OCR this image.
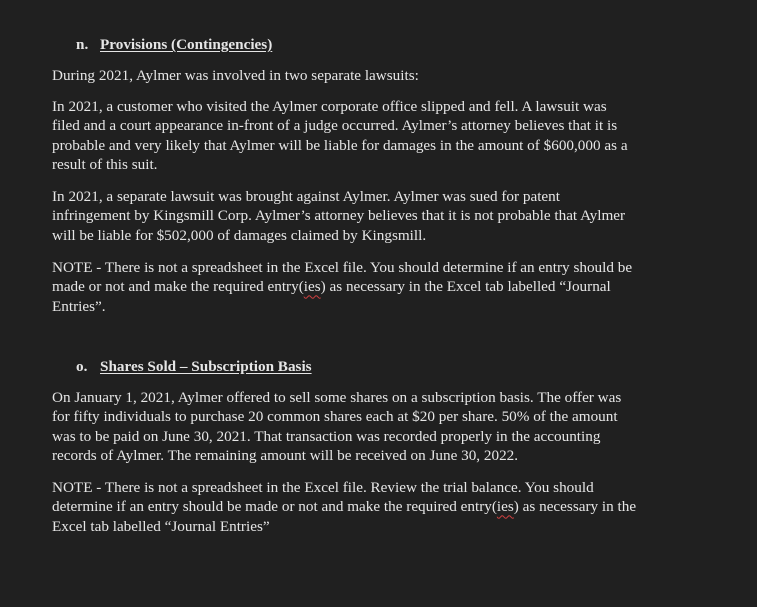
n. Provisions (Contingencies)

During 2021, Aylmer was involved in two separate lawsuits:

In 2021, a customer who visited the Aylmer corporate office slipped and fell. A lawsuit was
filed and a court appearance in-front of a judge occurred. Aylmer’s attorney believes that it is
probable and very likely that Aylmer will be liable for damages in the amount of $600,000 as a
result of this suit.

In 2021, a separate lawsuit was brought against Aylmer. Aylmer was sued for patent
infringement by Kingsmill Corp. Aylmer’s attorney believes that it is not probable that Aylmer
will be liable for $502,000 of damages claimed by Kingsmill.

NOTE - There is not a spreadsheet in the Excel file. You should determine if an entry should be
made or not and make the required entry(ies) as necessary in the Excel tab labelled “Journal
Entries”.

o. Shares Sold – Subscription Basis

On January 1, 2021, Aylmer offered to sell some shares on a subscription basis. The offer was
for fifty individuals to purchase 20 common shares each at $20 per share. 50% of the amount
was to be paid on June 30, 2021. That transaction was recorded properly in the accounting
records of Aylmer. The remaining amount will be received on June 30, 2022.

NOTE - There is not a spreadsheet in the Excel file. Review the trial balance. You should
determine if an entry should be made or not and make the required entry(ies) as necessary in the
Excel tab labelled “Journal Entries”
